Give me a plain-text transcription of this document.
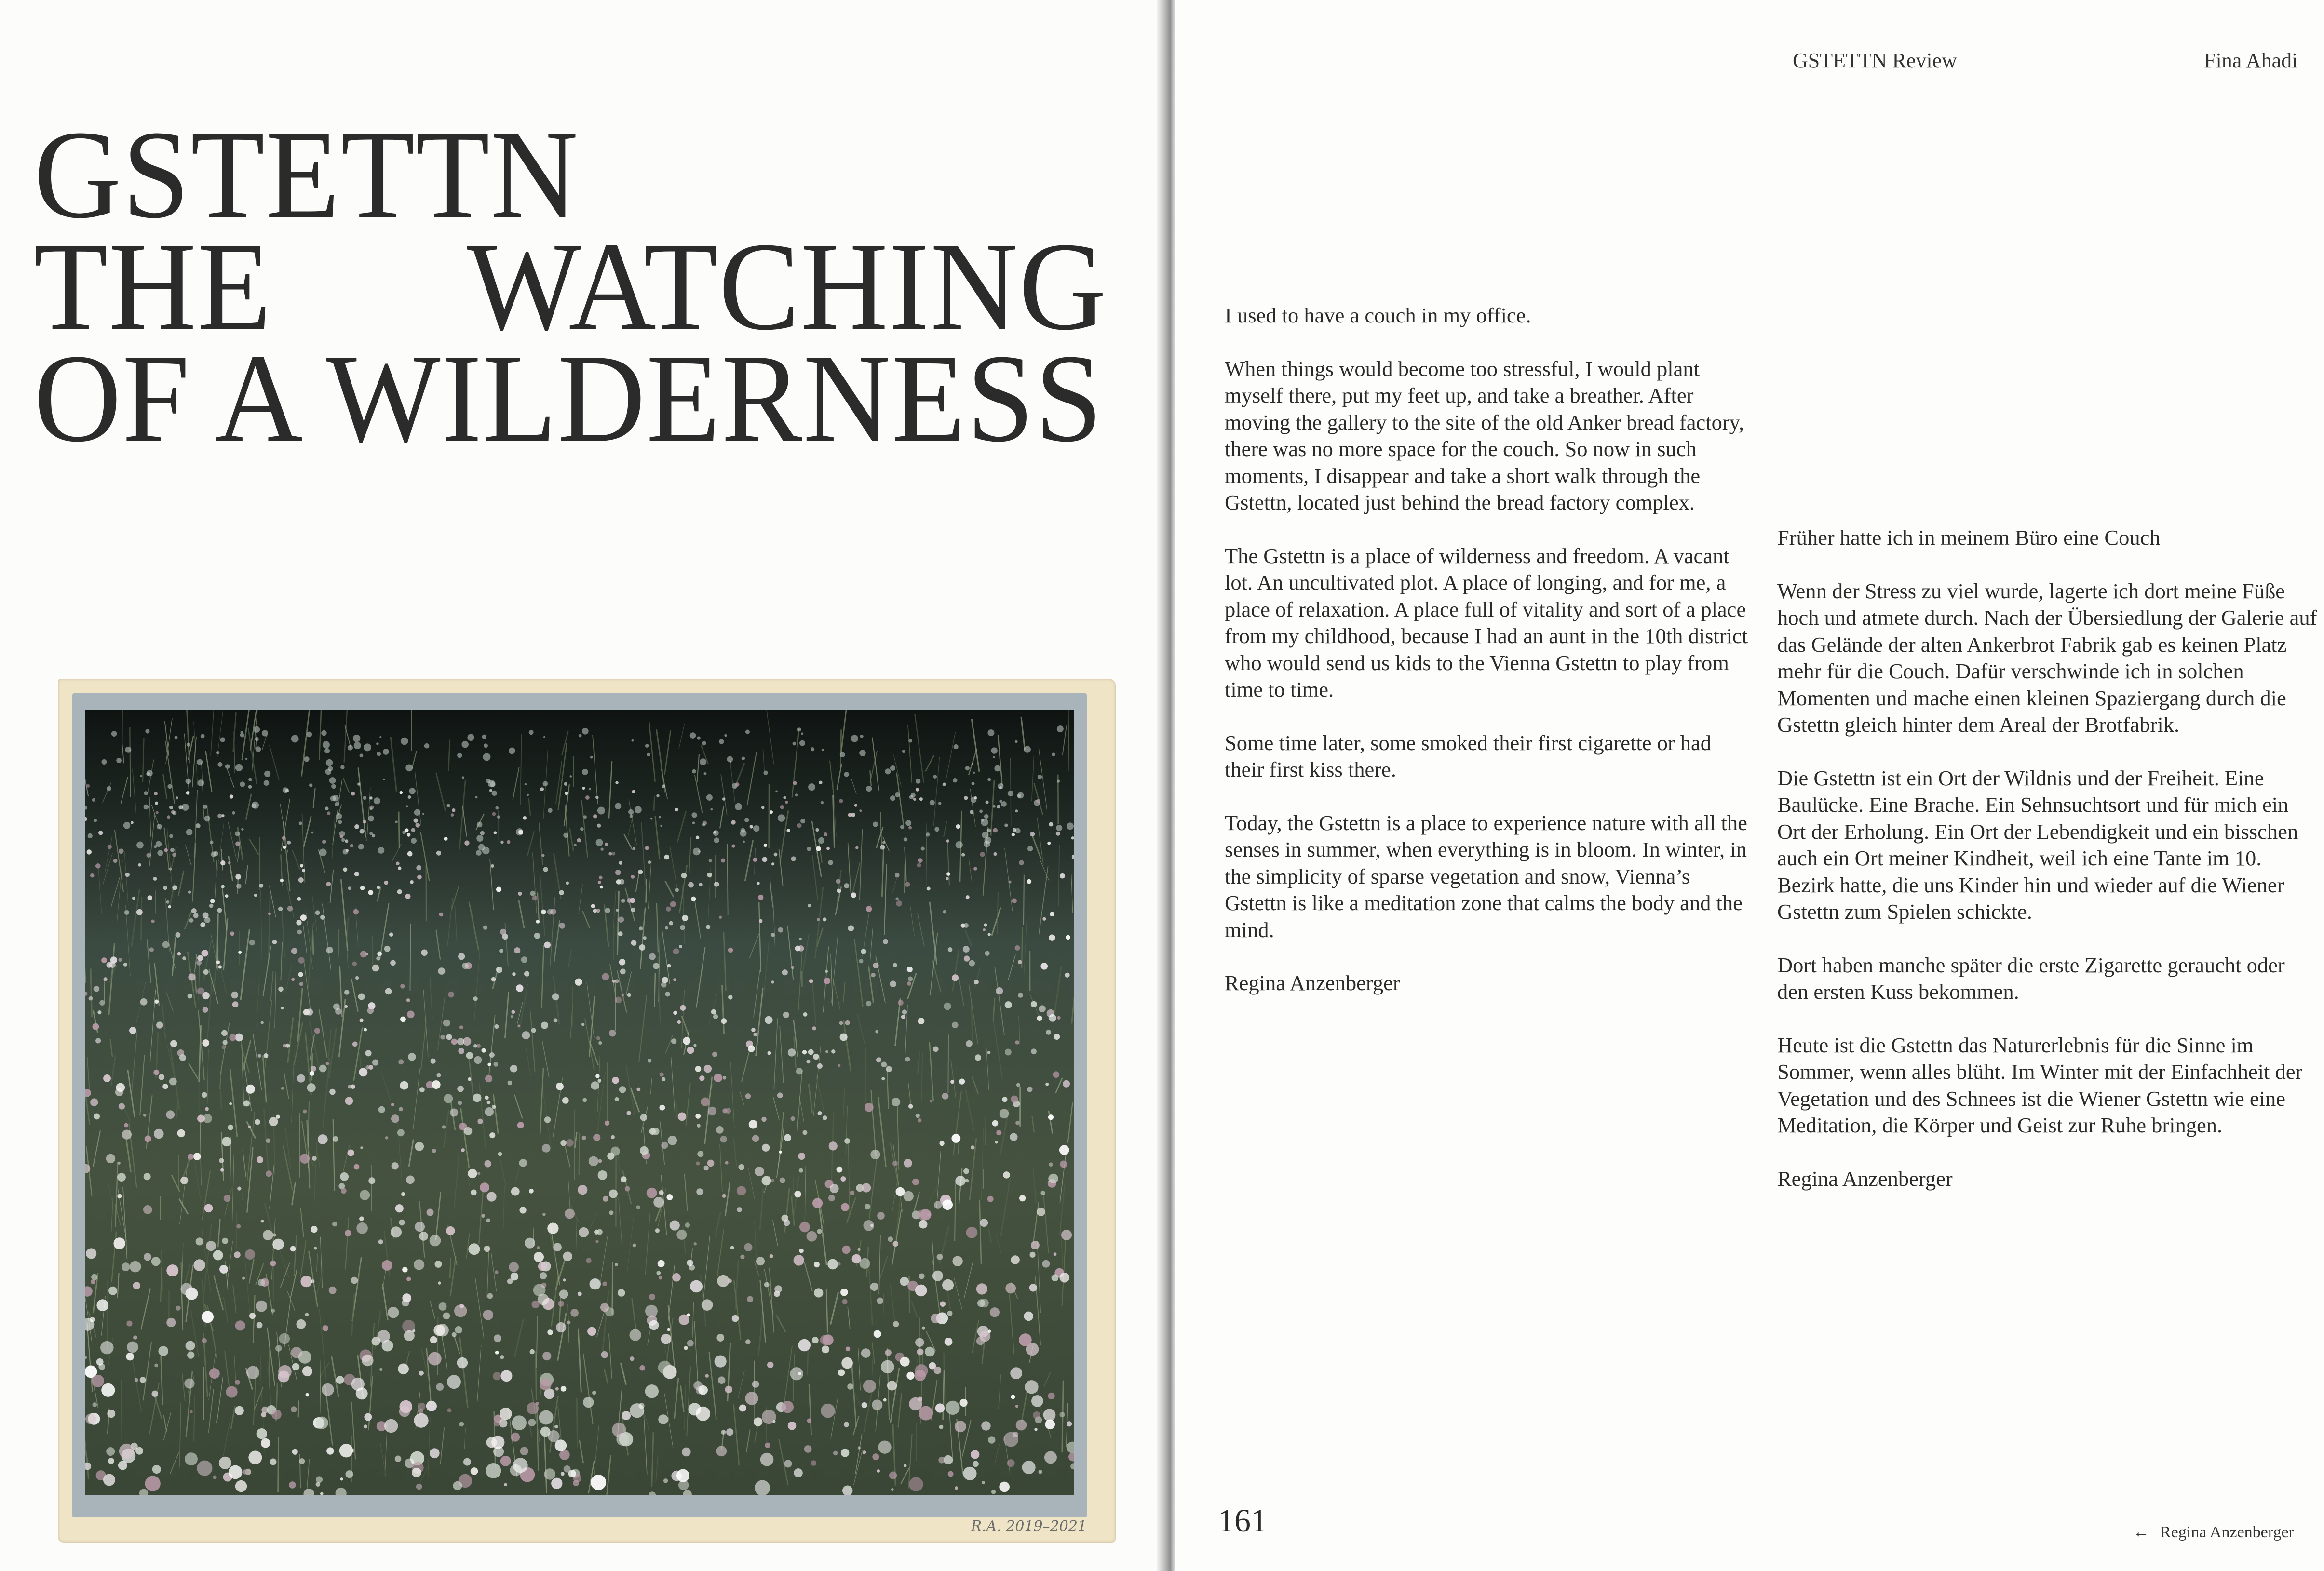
GSTETTN
THE WATCHING
OF A WILDERNESS
R.A. 2019–2021
GSTETTN Review	Fina Ahadi

I used to have a couch in my office.

When things would become too stressful, I would plant myself there, put my feet up, and take a breather. After moving the gallery to the site of the old Anker bread factory, there was no more space for the couch. So now in such moments, I disappear and take a short walk through the Gstettn, located just behind the bread factory complex.

The Gstettn is a place of wilderness and freedom. A vacant lot. An uncultivated plot. A place of longing, and for me, a place of relaxation. A place full of vitality and sort of a place from my childhood, because I had an aunt in the 10th district who would send us kids to the Vienna Gstettn to play from time to time.

Some time later, some smoked their first cigarette or had their first kiss there.

Today, the Gstettn is a place to experience nature with all the senses in summer, when everything is in bloom. In winter, in the simplicity of sparse vegetation and snow, Vienna’s Gstettn is like a meditation zone that calms the body and the mind.

Regina Anzenberger

Früher hatte ich in meinem Büro eine Couch

Wenn der Stress zu viel wurde, lagerte ich dort meine Füße hoch und atmete durch. Nach der Übersiedlung der Galerie auf das Gelände der alten Ankerbrot Fabrik gab es keinen Platz mehr für die Couch. Dafür verschwinde ich in solchen Momenten und mache einen kleinen Spaziergang durch die Gstettn gleich hinter dem Areal der Brotfabrik.

Die Gstettn ist ein Ort der Wildnis und der Freiheit. Eine Baulücke. Eine Brache. Ein Sehnsuchtsort und für mich ein Ort der Erholung. Ein Ort der Lebendigkeit und ein bisschen auch ein Ort meiner Kindheit, weil ich eine Tante im 10. Bezirk hatte, die uns Kinder hin und wieder auf die Wiener Gstettn zum Spielen schickte.

Dort haben manche später die erste Zigarette geraucht oder den ersten Kuss bekommen.

Heute ist die Gstettn das Naturerlebnis für die Sinne im Sommer, wenn alles blüht. Im Winter mit der Einfachheit der Vegetation und des Schnees ist die Wiener Gstettn wie eine Meditation, die Körper und Geist zur Ruhe bringen.

Regina Anzenberger

161	← Regina Anzenberger
